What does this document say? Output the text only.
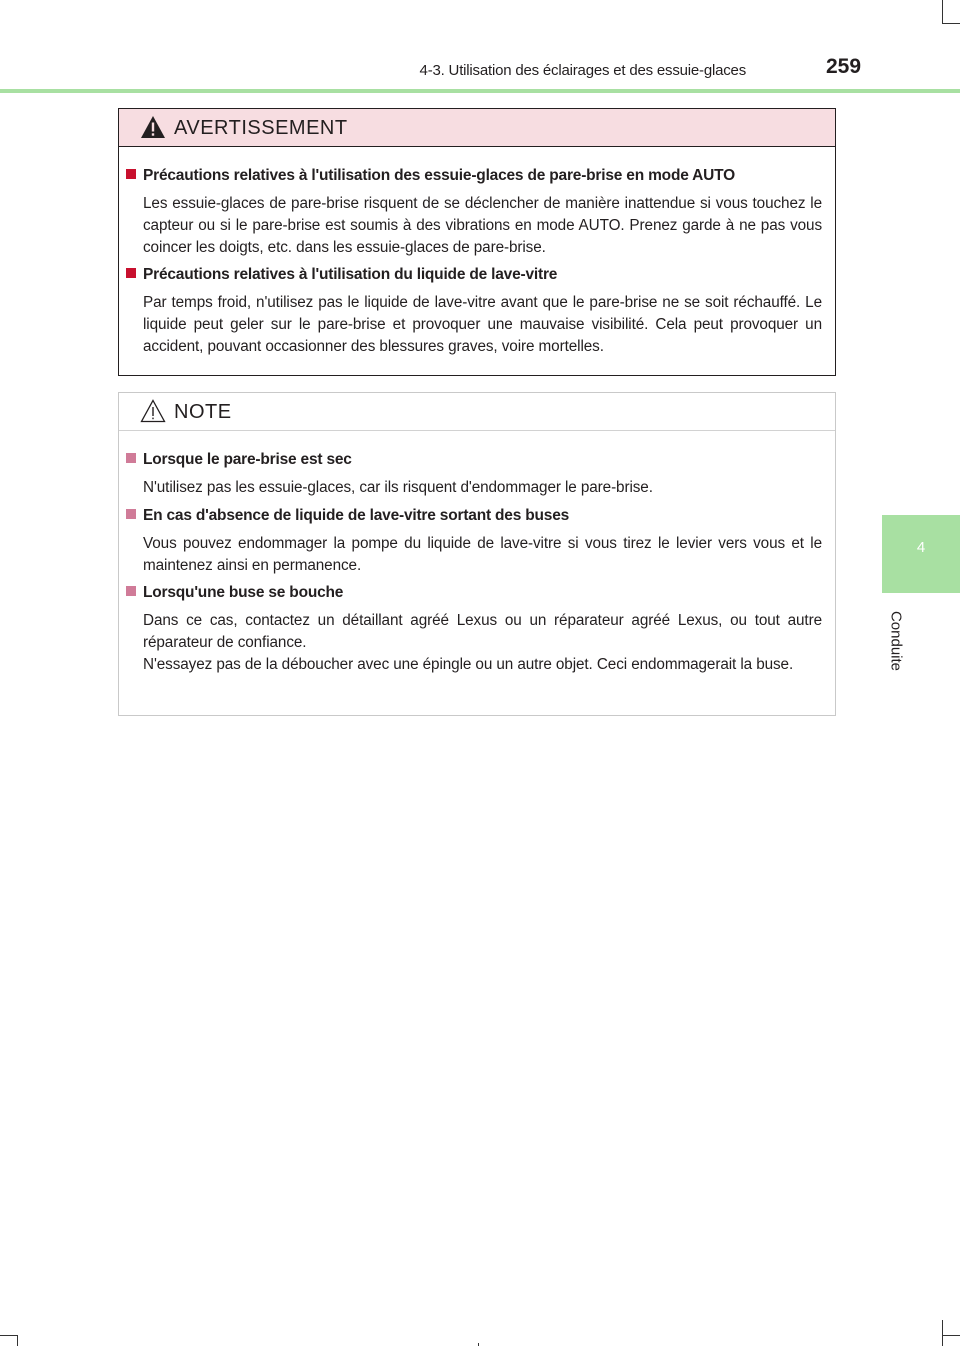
4-3. Utilisation des éclairages et des essuie-glaces	259
4
Conduite
AVERTISSEMENT
Précautions relatives à l'utilisation des essuie-glaces de pare-brise en mode AUTO
Les essuie-glaces de pare-brise risquent de se déclencher de manière inattendue si vous touchez le capteur ou si le pare-brise est soumis à des vibrations en mode AUTO. Prenez garde à ne pas vous coincer les doigts, etc. dans les essuie-glaces de pare-brise.
Précautions relatives à l'utilisation du liquide de lave-vitre
Par temps froid, n'utilisez pas le liquide de lave-vitre avant que le pare-brise ne se soit réchauffé. Le liquide peut geler sur le pare-brise et provoquer une mauvaise visibilité. Cela peut provoquer un accident, pouvant occasionner des blessures graves, voire mortelles.
NOTE
Lorsque le pare-brise est sec
N'utilisez pas les essuie-glaces, car ils risquent d'endommager le pare-brise.
En cas d'absence de liquide de lave-vitre sortant des buses
Vous pouvez endommager la pompe du liquide de lave-vitre si vous tirez le levier vers vous et le maintenez ainsi en permanence.
Lorsqu'une buse se bouche
Dans ce cas, contactez un détaillant agréé Lexus ou un réparateur agréé Lexus, ou tout autre réparateur de confiance.
N'essayez pas de la déboucher avec une épingle ou un autre objet. Ceci endommagerait la buse.
